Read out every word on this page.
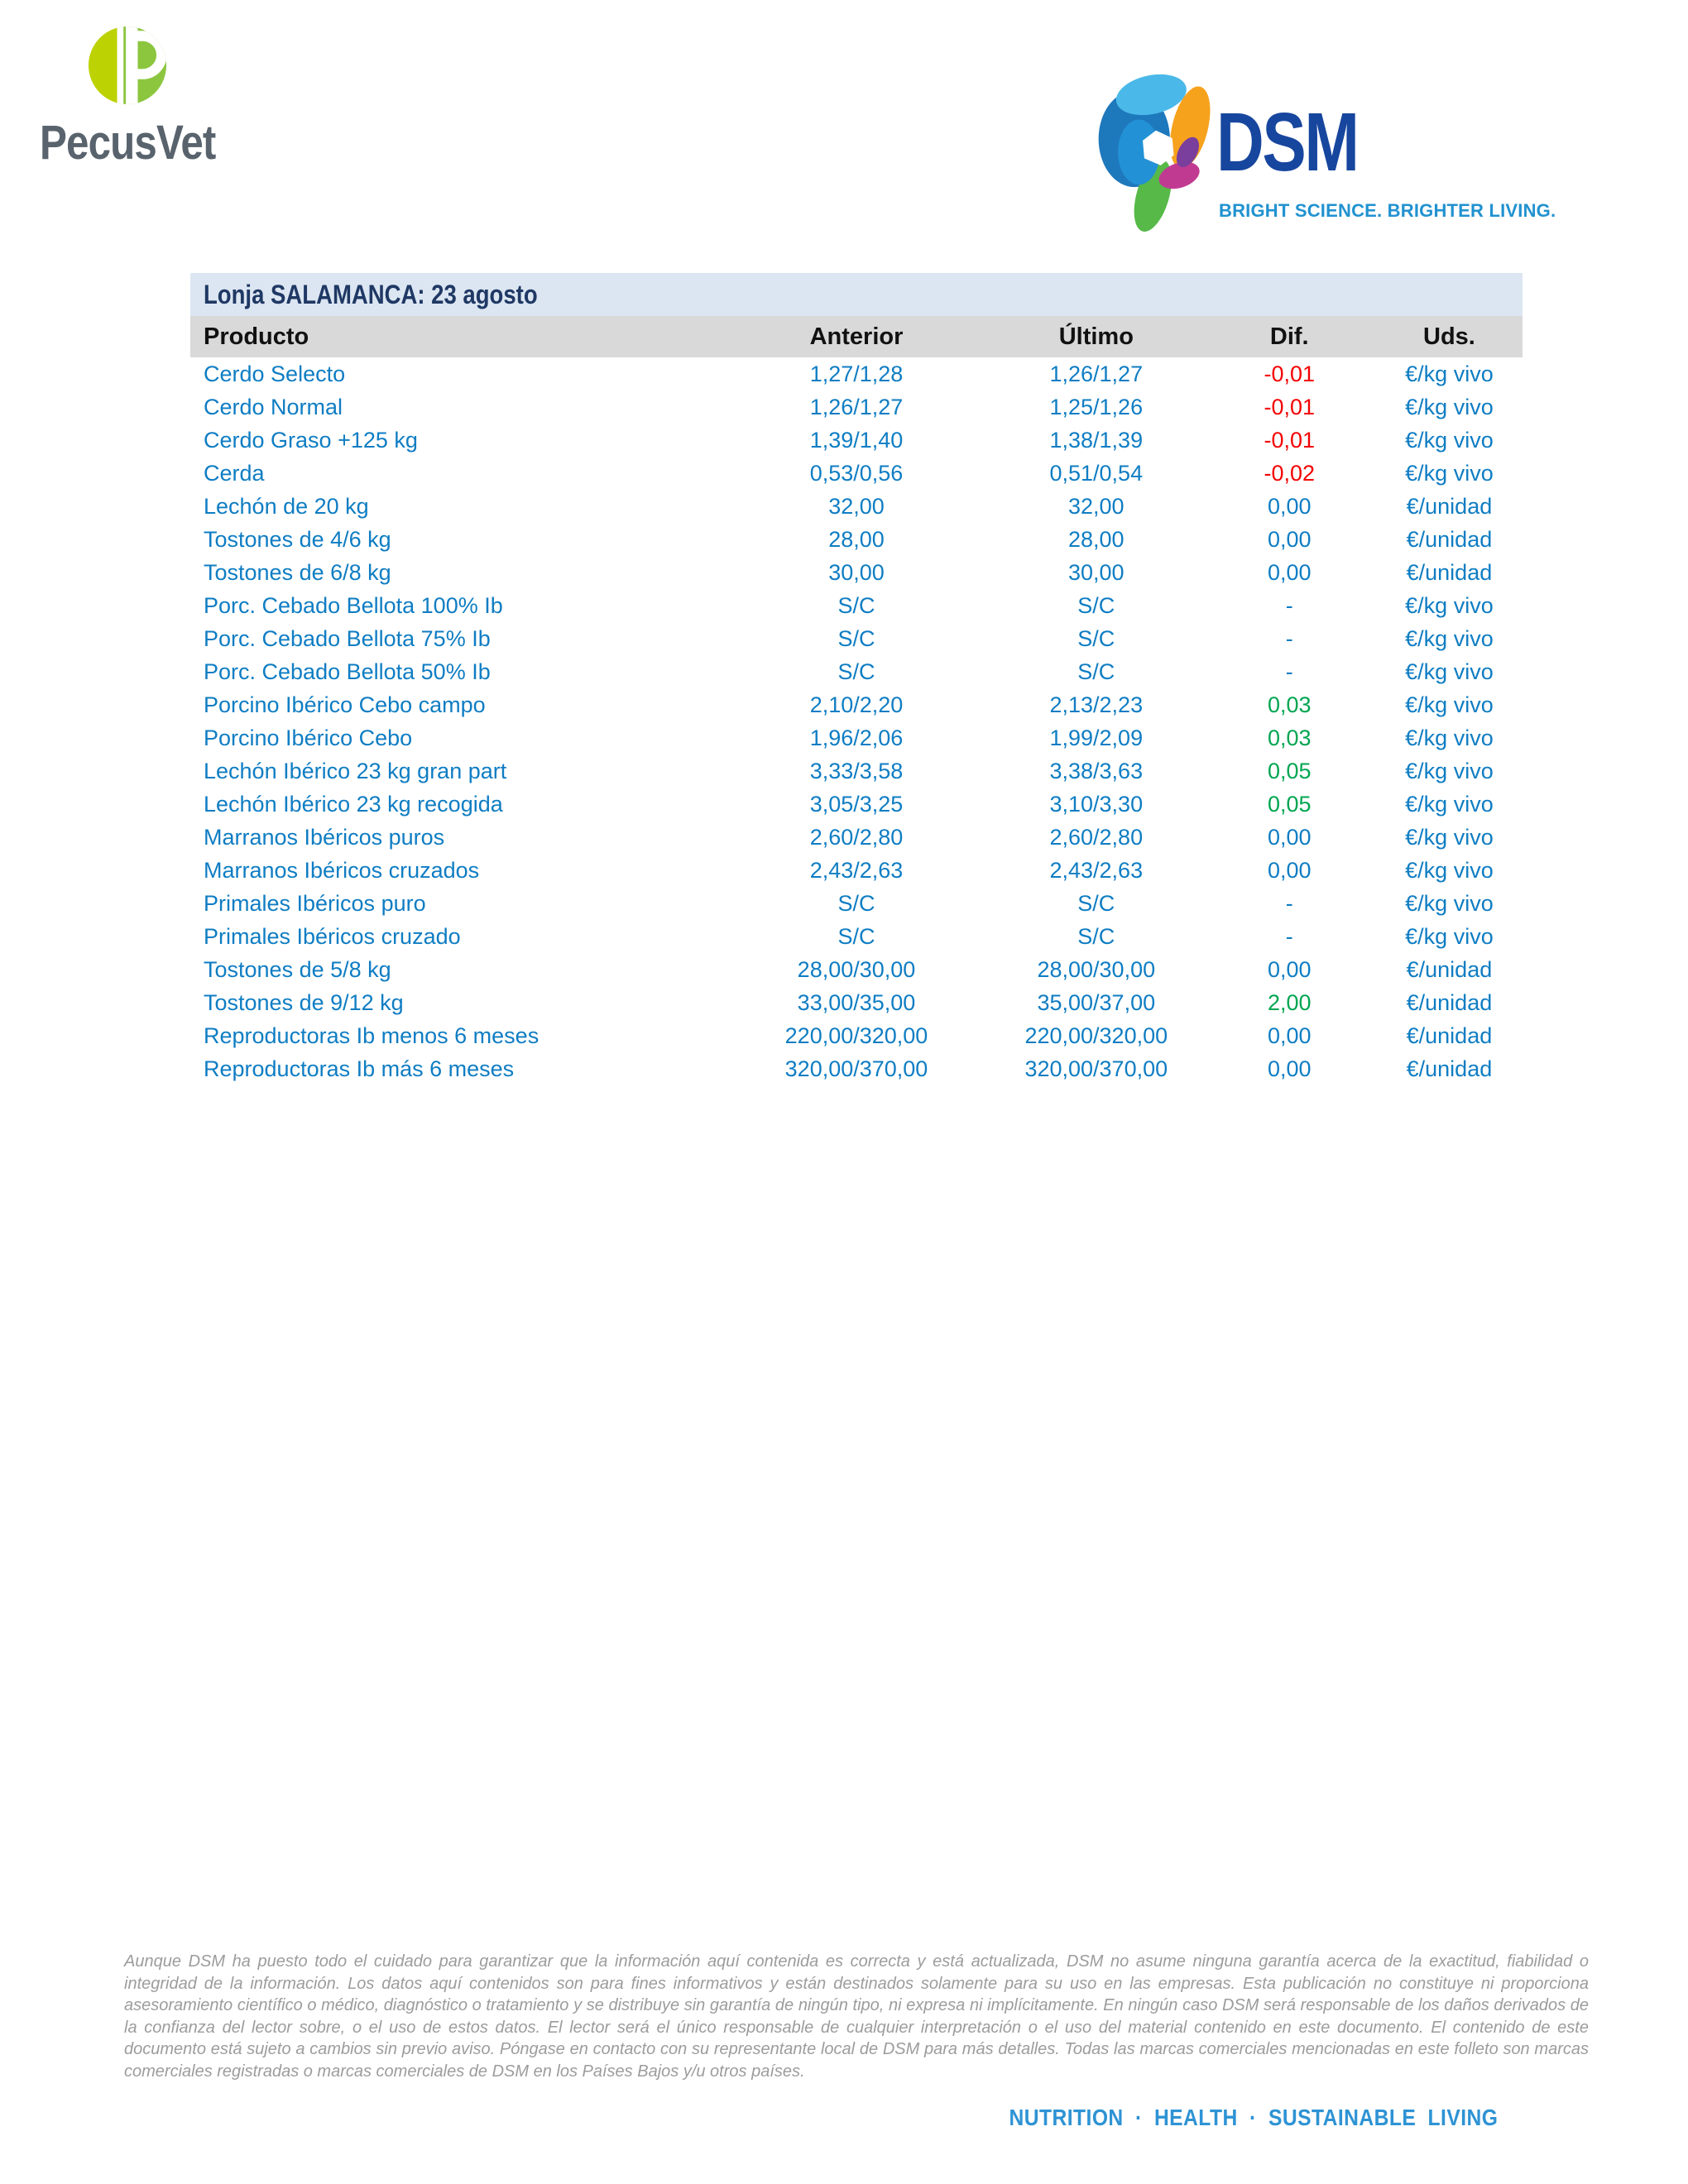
PecusVet	DSM
BRIGHT SCIENCE. BRIGHTER LIVING.
Lonja SALAMANCA: 23 agosto
Producto	Anterior	Último	Dif.	Uds.
Cerdo Selecto	1,27/1,28	1,26/1,27	-0,01	€/kg vivo
Cerdo Normal	1,26/1,27	1,25/1,26	-0,01	€/kg vivo
Cerdo Graso +125 kg	1,39/1,40	1,38/1,39	-0,01	€/kg vivo
Cerda	0,53/0,56	0,51/0,54	-0,02	€/kg vivo
Lechón de 20 kg	32,00	32,00	0,00	€/unidad
Tostones de 4/6 kg	28,00	28,00	0,00	€/unidad
Tostones de 6/8 kg	30,00	30,00	0,00	€/unidad
Porc. Cebado Bellota 100% Ib	S/C	S/C	-	€/kg vivo
Porc. Cebado Bellota 75% Ib	S/C	S/C	-	€/kg vivo
Porc. Cebado Bellota 50% Ib	S/C	S/C	-	€/kg vivo
Porcino Ibérico Cebo campo	2,10/2,20	2,13/2,23	0,03	€/kg vivo
Porcino Ibérico Cebo	1,96/2,06	1,99/2,09	0,03	€/kg vivo
Lechón Ibérico 23 kg gran part	3,33/3,58	3,38/3,63	0,05	€/kg vivo
Lechón Ibérico 23 kg recogida	3,05/3,25	3,10/3,30	0,05	€/kg vivo
Marranos Ibéricos puros	2,60/2,80	2,60/2,80	0,00	€/kg vivo
Marranos Ibéricos cruzados	2,43/2,63	2,43/2,63	0,00	€/kg vivo
Primales Ibéricos puro	S/C	S/C	-	€/kg vivo
Primales Ibéricos cruzado	S/C	S/C	-	€/kg vivo
Tostones de 5/8 kg	28,00/30,00	28,00/30,00	0,00	€/unidad
Tostones de 9/12 kg	33,00/35,00	35,00/37,00	2,00	€/unidad
Reproductoras Ib menos 6 meses	220,00/320,00	220,00/320,00	0,00	€/unidad
Reproductoras Ib más 6 meses	320,00/370,00	320,00/370,00	0,00	€/unidad
Aunque DSM ha puesto todo el cuidado para garantizar que la información aquí contenida es correcta y está actualizada, DSM no asume ninguna garantía acerca de la exactitud, fiabilidad o integridad de la información. Los datos aquí contenidos son para fines informativos y están destinados solamente para su uso en las empresas. Esta publicación no constituye ni proporciona asesoramiento científico o médico, diagnóstico o tratamiento y se distribuye sin garantía de ningún tipo, ni expresa ni implícitamente. En ningún caso DSM será responsable de los daños derivados de la confianza del lector sobre, o el uso de estos datos. El lector será el único responsable de cualquier interpretación o el uso del material contenido en este documento. El contenido de este documento está sujeto a cambios sin previo aviso. Póngase en contacto con su representante local de DSM para más detalles. Todas las marcas comerciales mencionadas en este folleto son marcas comerciales registradas o marcas comerciales de DSM en los Países Bajos y/u otros países.
NUTRITION · HEALTH · SUSTAINABLE LIVING
